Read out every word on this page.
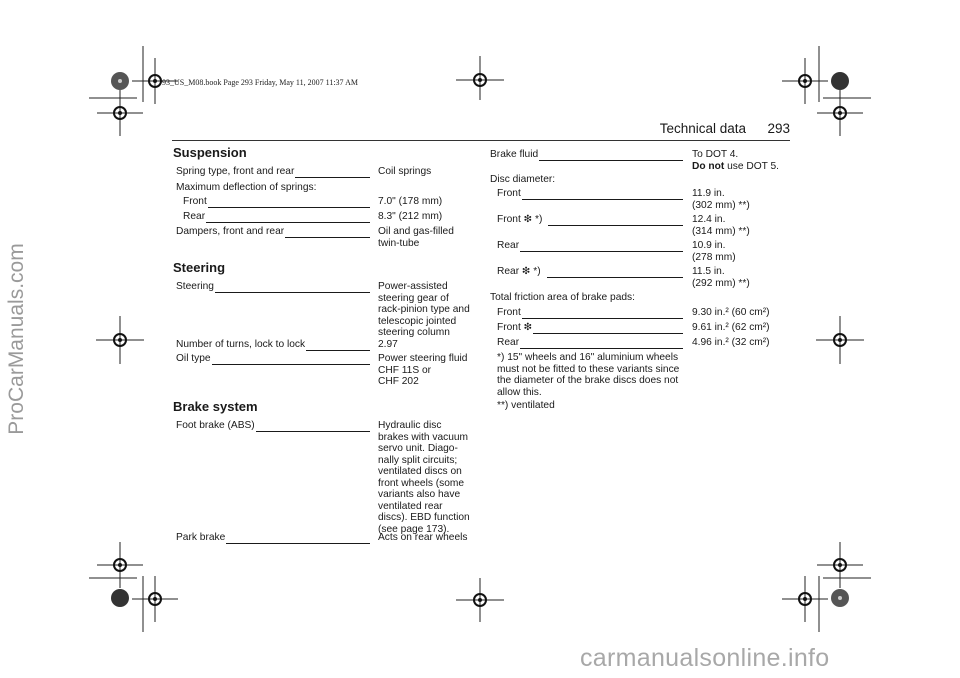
ProCarManuals.com
carmanualsonline.info
93_US_M08.book Page 293 Friday, May 11, 2007 11:37 AM
Technical data	293
Suspension
Spring type, front and rear	Coil springs
Maximum deflection of springs:
Front	7.0" (178 mm)
Rear	8.3" (212 mm)
Dampers, front and rear	Oil and gas-filled
twin-tube
Steering
Steering	Power-assisted
steering gear of
rack-pinion type and
telescopic jointed
steering column
Number of turns, lock to lock	2.97
Oil type	Power steering fluid
CHF 11S or
CHF 202
Brake system
Foot brake (ABS)	Hydraulic disc
brakes with vacuum
servo unit. Diago-
nally split circuits;
ventilated discs on
front wheels (some
variants also have
ventilated rear
discs). EBD function
(see page 173).
Park brake	Acts on rear wheels
Brake fluid	To DOT 4.
Do not use DOT 5.
Disc diameter:
Front	11.9 in.
(302 mm) **)
Front ❇ *)	12.4 in.
(314 mm) **)
Rear	10.9 in.
(278 mm)
Rear ❇ *)	11.5 in.
(292 mm) **)
Total friction area of brake pads:
Front	9.30 in.² (60 cm²)
Front ❇	9.61 in.² (62 cm²)
Rear	4.96 in.² (32 cm²)
*) 15" wheels and 16" aluminium wheels must not be fitted to these variants since the diameter of the brake discs does not allow this.
**) ventilated
